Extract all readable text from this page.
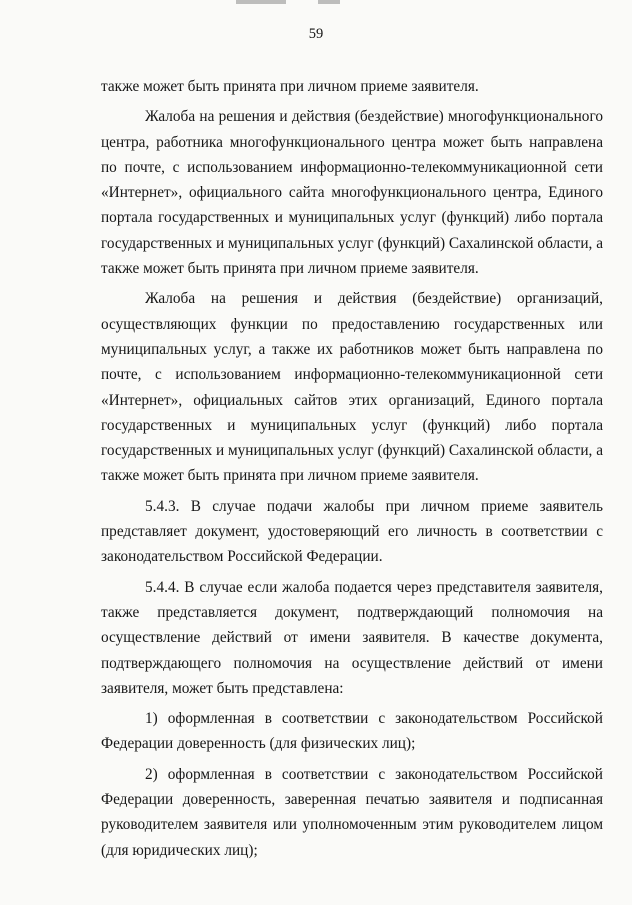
59

также может быть принята при личном приеме заявителя.

Жалоба на решения и действия (бездействие) многофункционального центра, работника многофункционального центра может быть направлена по почте, с использованием информационно-телекоммуникационной сети «Интернет», официального сайта многофункционального центра, Единого портала государственных и муниципальных услуг (функций) либо портала государственных и муниципальных услуг (функций) Сахалинской области, а также может быть принята при личном приеме заявителя.

Жалоба на решения и действия (бездействие) организаций, осуществляющих функции по предоставлению государственных или муниципальных услуг, а также их работников может быть направлена по почте, с использованием информационно-телекоммуникационной сети «Интернет», официальных сайтов этих организаций, Единого портала государственных и муниципальных услуг (функций) либо портала государственных и муниципальных услуг (функций) Сахалинской области, а также может быть принята при личном приеме заявителя.

5.4.3. В случае подачи жалобы при личном приеме заявитель представляет документ, удостоверяющий его личность в соответствии с законодательством Российской Федерации.

5.4.4. В случае если жалоба подается через представителя заявителя, также представляется документ, подтверждающий полномочия на осуществление действий от имени заявителя. В качестве документа, подтверждающего полномочия на осуществление действий от имени заявителя, может быть представлена:

1) оформленная в соответствии с законодательством Российской Федерации доверенность (для физических лиц);

2) оформленная в соответствии с законодательством Российской Федерации доверенность, заверенная печатью заявителя и подписанная руководителем заявителя или уполномоченным этим руководителем лицом (для юридических лиц);
